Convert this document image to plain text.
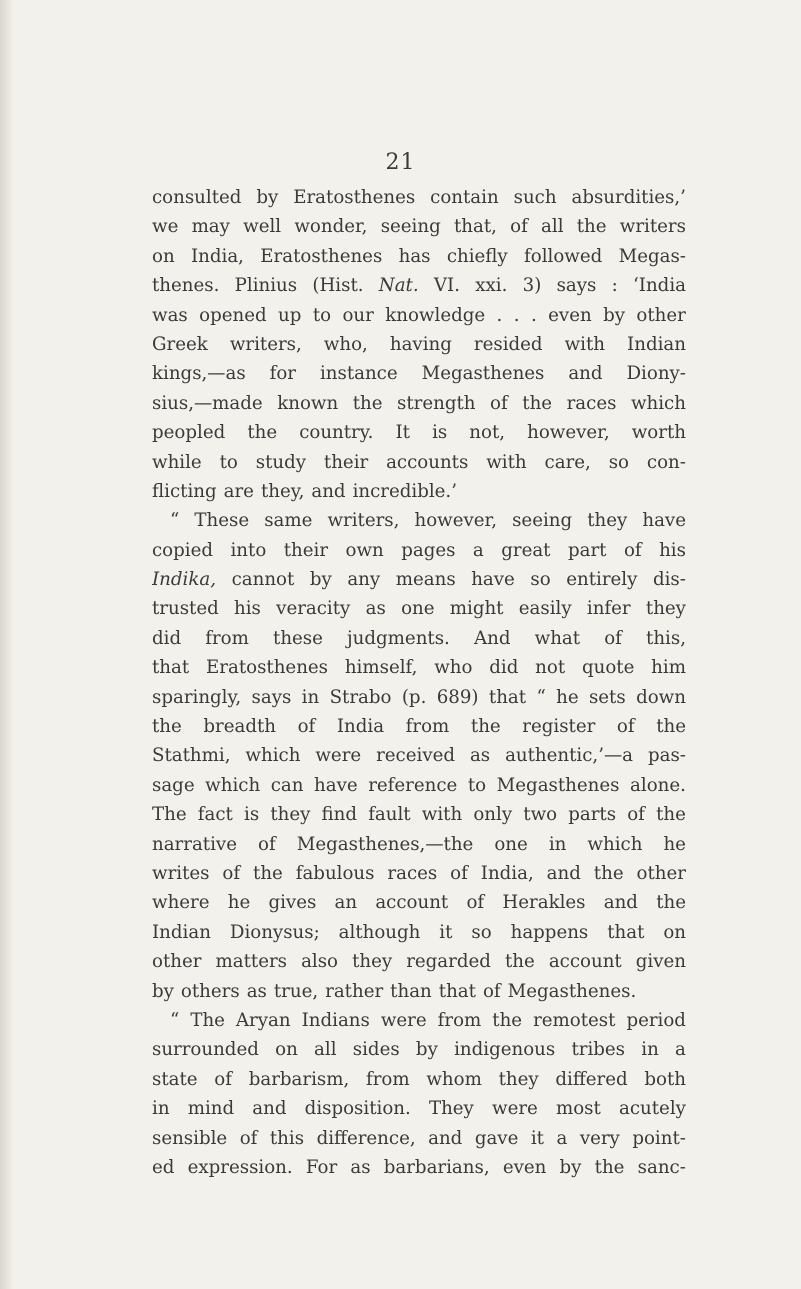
21
consulted by Eratosthenes contain such absurdities,’
we may well wonder, seeing that, of all the writers
on India, Eratosthenes has chiefly followed Megas-
thenes. Plinius (Hist. Nat. VI. xxi. 3) says : ‘India
was opened up to our knowledge . . . even by other
Greek writers, who, having resided with Indian
kings,—as for instance Megasthenes and Diony-
sius,—made known the strength of the races which
peopled the country. It is not, however, worth
while to study their accounts with care, so con-
flicting are they, and incredible.’
“ These same writers, however, seeing they have
copied into their own pages a great part of his
Indika, cannot by any means have so entirely dis-
trusted his veracity as one might easily infer they
did from these judgments. And what of this,
that Eratosthenes himself, who did not quote him
sparingly, says in Strabo (p. 689) that “ he sets down
the breadth of India from the register of the
Stathmi, which were received as authentic,’—a pas-
sage which can have reference to Megasthenes alone.
The fact is they find fault with only two parts of the
narrative of Megasthenes,—the one in which he
writes of the fabulous races of India, and the other
where he gives an account of Herakles and the
Indian Dionysus; although it so happens that on
other matters also they regarded the account given
by others as true, rather than that of Megasthenes.
“ The Aryan Indians were from the remotest period
surrounded on all sides by indigenous tribes in a
state of barbarism, from whom they differed both
in mind and disposition. They were most acutely
sensible of this difference, and gave it a very point-
ed expression. For as barbarians, even by the sanc-
